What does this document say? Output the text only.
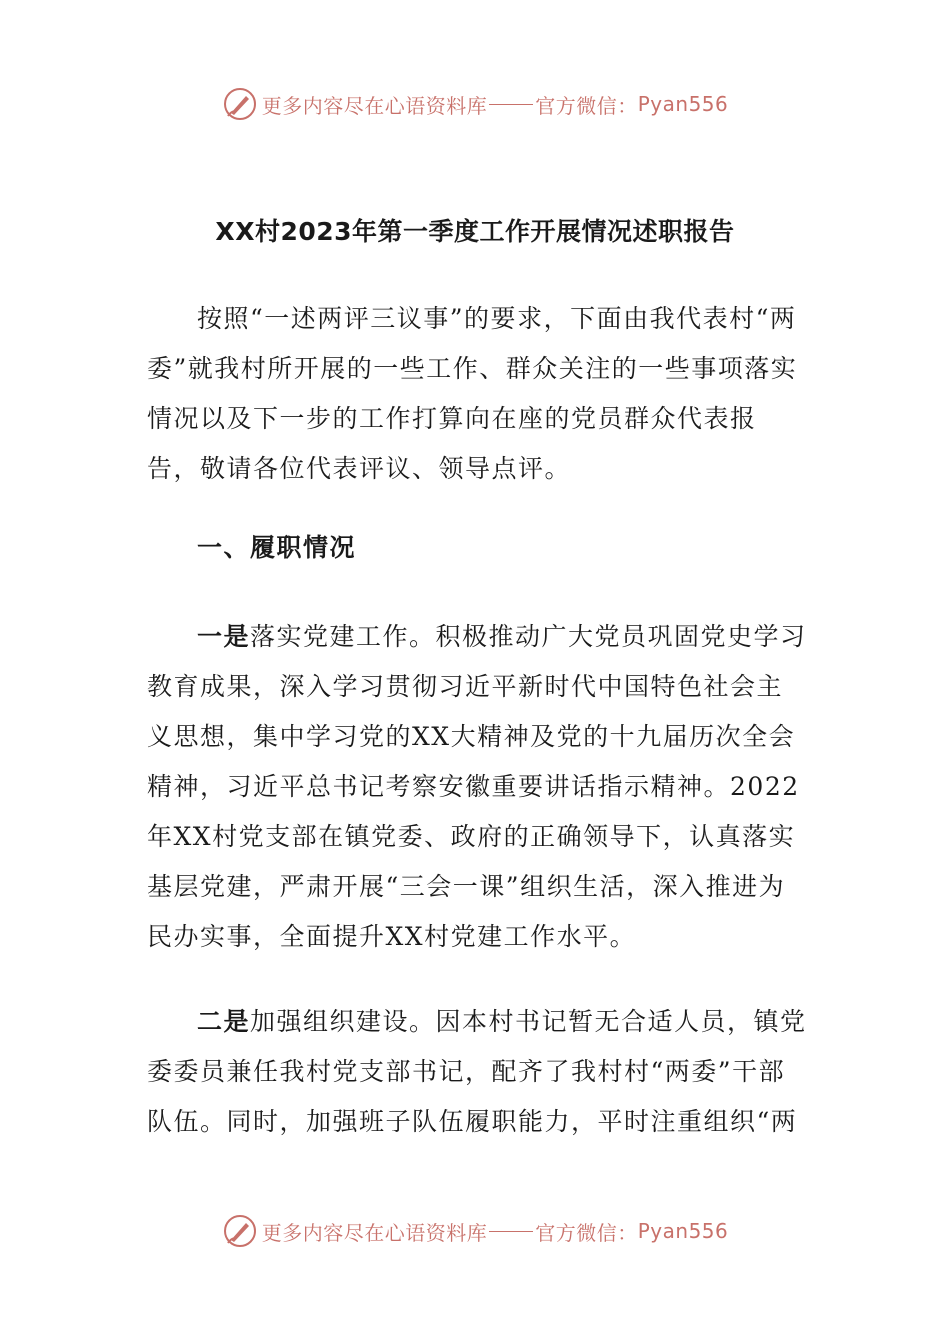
更多内容尽在心语资料库 官方微信： Pyan556
XX村2023年第一季度工作开展情况述职报告

按照“一述两评三议事”的要求，下面由我代表村“两委”就我村所开展的一些工作、群众关注的一些事项落实情况以及下一步的工作打算向在座的党员群众代表报告，敬请各位代表评议、领导点评。

一、履职情况

一是落实党建工作。积极推动广大党员巩固党史学习教育成果，深入学习贯彻习近平新时代中国特色社会主义思想，集中学习党的XX大精神及党的十九届历次全会精神，习近平总书记考察安徽重要讲话指示精神。2022年XX村党支部在镇党委、政府的正确领导下，认真落实基层党建，严肃开展“三会一课”组织生活，深入推进为民办实事，全面提升XX村党建工作水平。

二是加强组织建设。因本村书记暂无合适人员，镇党委委员兼任我村党支部书记，配齐了我村村“两委”干部队伍。同时，加强班子队伍履职能力，平时注重组织“两

更多内容尽在心语资料库 官方微信： Pyan556
